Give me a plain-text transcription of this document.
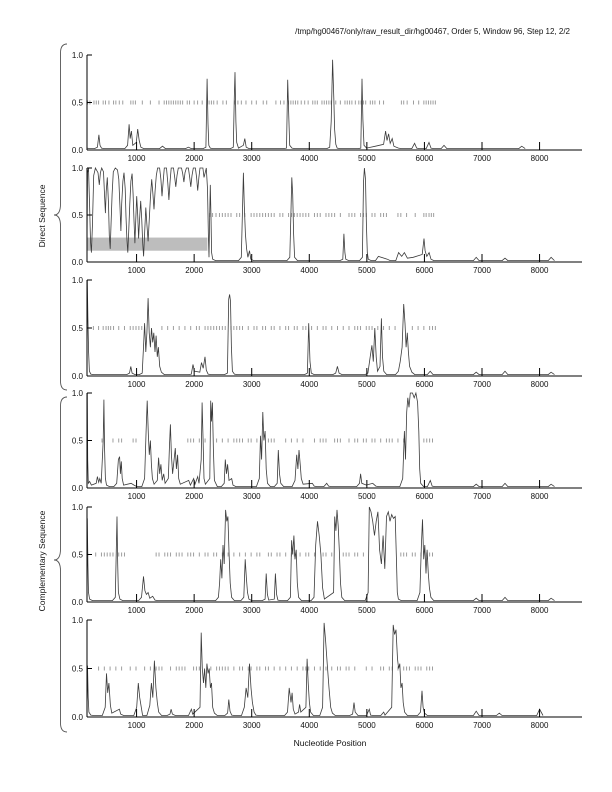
/tmp/hg00467/only/raw_result_dir/hg00467, Order 5, Window 96, Step 12, 2/2
1000	2000	3000	4000	5000	6000	7000	8000
0.0
0.5
1.0
1000	2000	3000	4000	5000	6000	7000	8000
0.0
0.5
1.0
1000	2000	3000	4000	5000	6000	7000	8000
0.0
0.5
1.0
1000	2000	3000	4000	5000	6000	7000	8000
0.0
0.5
1.0
1000	2000	3000	4000	5000	6000	7000	8000
0.0
0.5
1.0
1000	2000	3000	4000	5000	6000	7000	8000
0.0
0.5
1.0
Direct Sequence
Complementary Sequence
Nucleotide Position
